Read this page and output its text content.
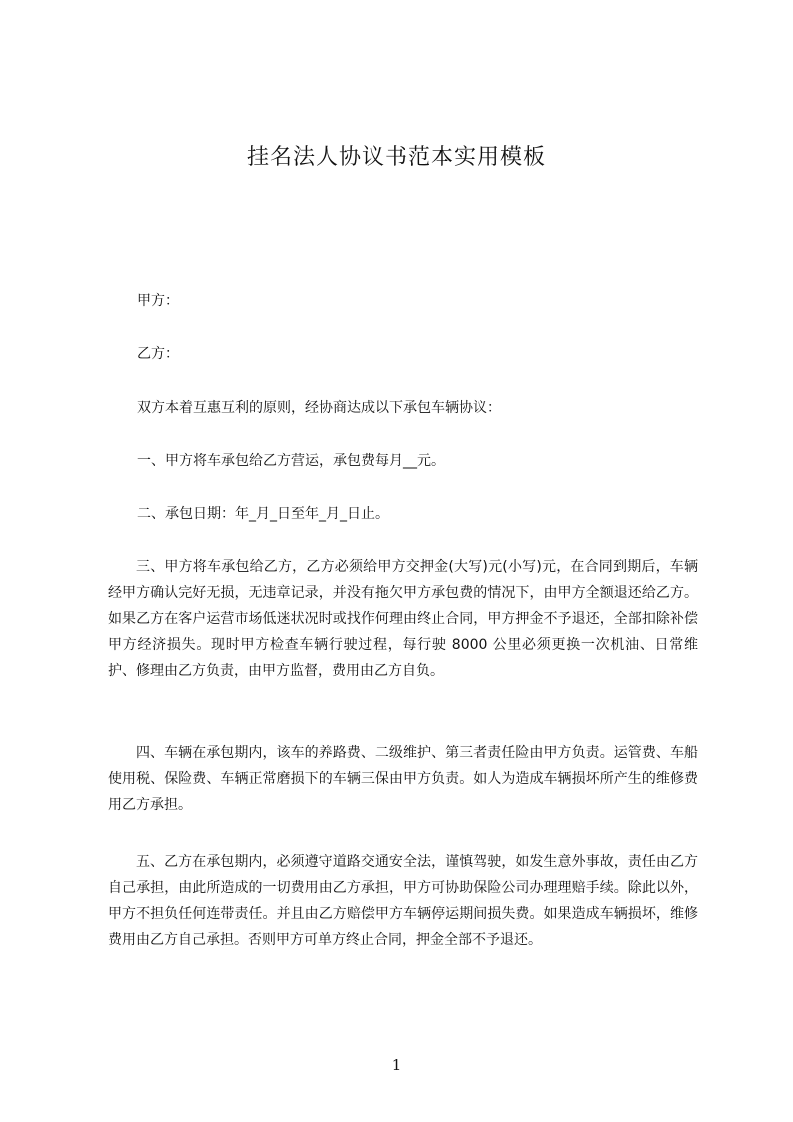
挂名法人协议书范本实用模板
甲方：
乙方：
双方本着互惠互利的原则，经协商达成以下承包车辆协议：
一、甲方将车承包给乙方营运，承包费每月__元。
二、承包日期：年_月_日至年_月_日止。
三、甲方将车承包给乙方，乙方必须给甲方交押金(大写)元(小写)元，在合同到期后，车辆经甲方确认完好无损，无违章记录，并没有拖欠甲方承包费的情况下，由甲方全额退还给乙方。如果乙方在客户运营市场低迷状况时或找作何理由终止合同，甲方押金不予退还，全部扣除补偿甲方经济损失。现时甲方检查车辆行驶过程，每行驶 8000 公里必须更换一次机油、日常维护、修理由乙方负责，由甲方监督，费用由乙方自负。
四、车辆在承包期内，该车的养路费、二级维护、第三者责任险由甲方负责。运管费、车船使用税、保险费、车辆正常磨损下的车辆三保由甲方负责。如人为造成车辆损坏所产生的维修费用乙方承担。
五、乙方在承包期内，必须遵守道路交通安全法，谨慎驾驶，如发生意外事故，责任由乙方自己承担，由此所造成的一切费用由乙方承担，甲方可协助保险公司办理理赔手续。除此以外，甲方不担负任何连带责任。并且由乙方赔偿甲方车辆停运期间损失费。如果造成车辆损坏，维修费用由乙方自己承担。否则甲方可单方终止合同，押金全部不予退还。
1
